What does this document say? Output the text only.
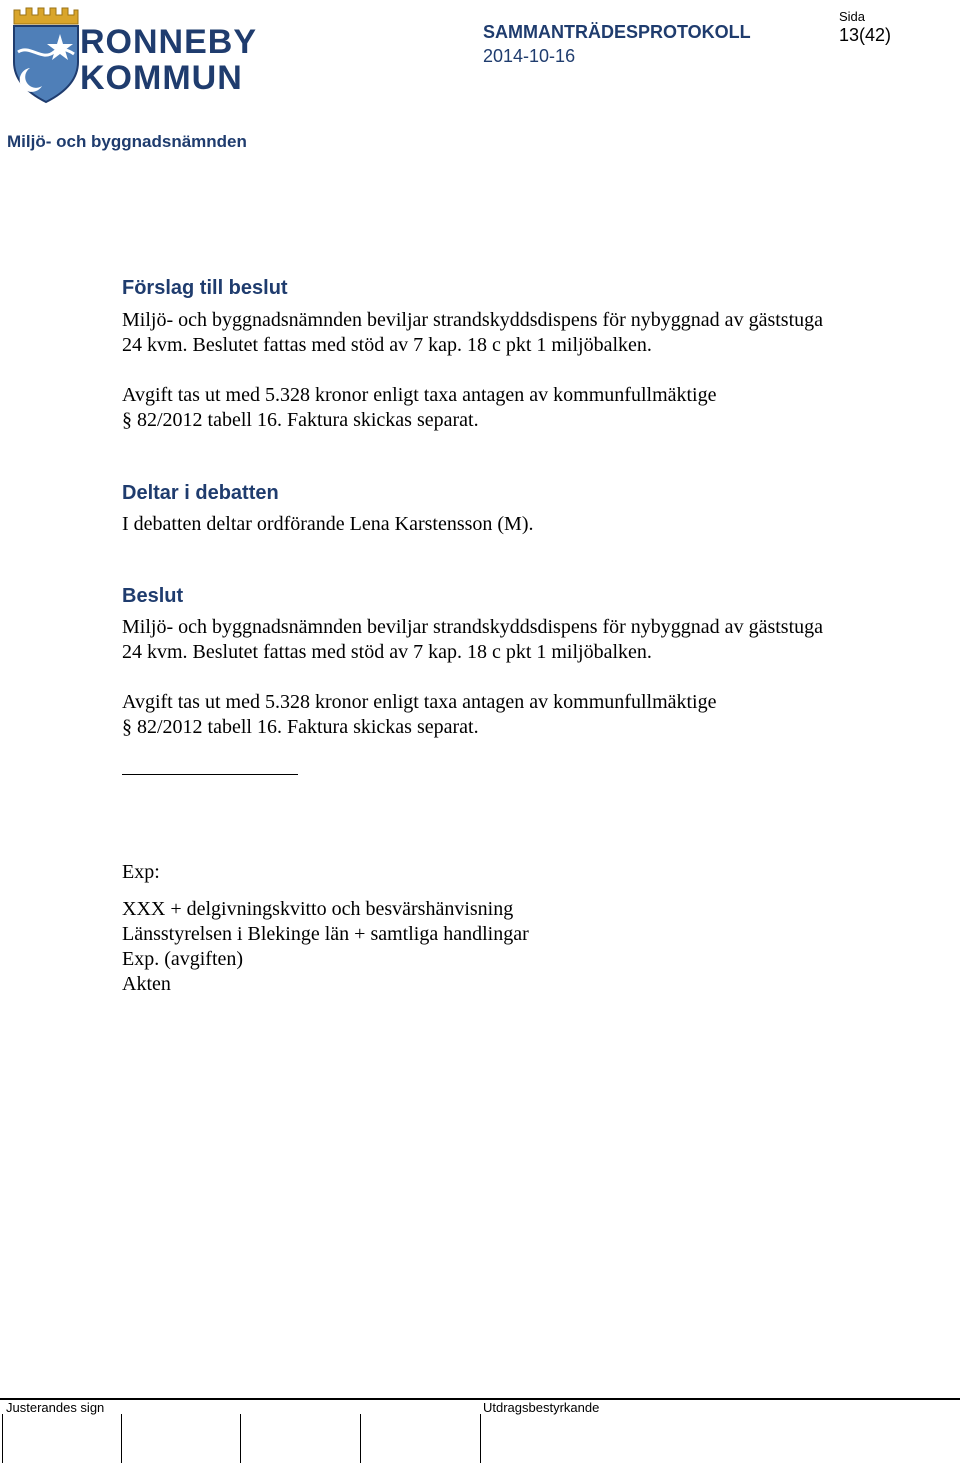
RONNEBY
KOMMUN
SAMMANTRÄDESPROTOKOLL
2014-10-16
Sida
13(42)
Miljö- och byggnadsnämnden
Förslag till beslut
Miljö- och byggnadsnämnden beviljar strandskyddsdispens för nybyggnad av gäststuga
24 kvm. Beslutet fattas med stöd av 7 kap. 18 c pkt 1 miljöbalken.
Avgift tas ut med 5.328 kronor enligt taxa antagen av kommunfullmäktige
§ 82/2012 tabell 16. Faktura skickas separat.
Deltar i debatten
I debatten deltar ordförande Lena Karstensson (M).
Beslut
Miljö- och byggnadsnämnden beviljar strandskyddsdispens för nybyggnad av gäststuga
24 kvm. Beslutet fattas med stöd av 7 kap. 18 c pkt 1 miljöbalken.
Avgift tas ut med 5.328 kronor enligt taxa antagen av kommunfullmäktige
§ 82/2012 tabell 16. Faktura skickas separat.
Exp:
XXX + delgivningskvitto och besvärshänvisning
Länsstyrelsen i Blekinge län + samtliga handlingar
Exp. (avgiften)
Akten
Justerandes sign	Utdragsbestyrkande
